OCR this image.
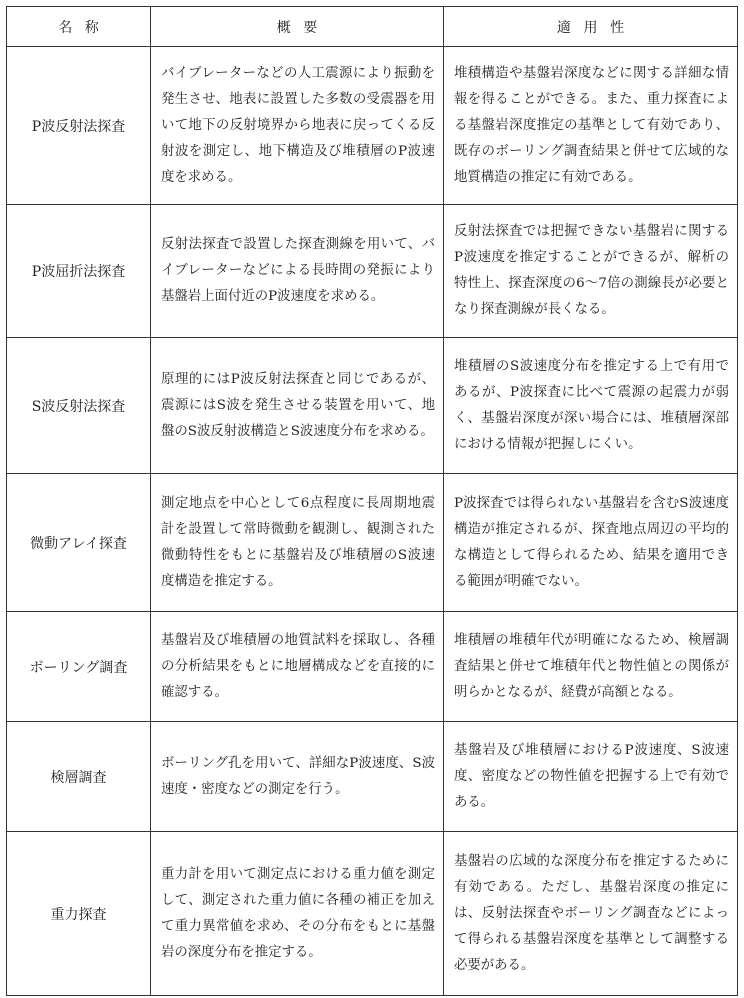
名称	概要	適用性
P波反射法探査	バイブレーターなどの人工震源により振動を発生させ、地表に設置した多数の受震器を用いて地下の反射境界から地表に戻ってくる反射波を測定し、地下構造及び堆積層のP波速度を求める。	堆積構造や基盤岩深度などに関する詳細な情報を得ることができる。また、重力探査による基盤岩深度推定の基準として有効であり、既存のボーリング調査結果と併せて広域的な地質構造の推定に有効である。
P波屈折法探査	反射法探査で設置した探査測線を用いて、バイブレーターなどによる長時間の発振により基盤岩上面付近のP波速度を求める。	反射法探査では把握できない基盤岩に関するP波速度を推定することができるが、解析の特性上、探査深度の6～7倍の測線長が必要となり探査測線が長くなる。
S波反射法探査	原理的にはP波反射法探査と同じであるが、震源にはS波を発生させる装置を用いて、地盤のS波反射波構造とS波速度分布を求める。	堆積層のS波速度分布を推定する上で有用であるが、P波探査に比べて震源の起震力が弱く、基盤岩深度が深い場合には、堆積層深部における情報が把握しにくい。
微動アレイ探査	測定地点を中心として6点程度に長周期地震計を設置して常時微動を観測し、観測された微動特性をもとに基盤岩及び堆積層のS波速度構造を推定する。	P波探査では得られない基盤岩を含むS波速度構造が推定されるが、探査地点周辺の平均的な構造として得られるため、結果を適用できる範囲が明確でない。
ボーリング調査	基盤岩及び堆積層の地質試料を採取し、各種の分析結果をもとに地層構成などを直接的に確認する。	堆積層の堆積年代が明確になるため、検層調査結果と併せて堆積年代と物性値との関係が明らかとなるが、経費が高額となる。
検層調査	ボーリング孔を用いて、詳細なP波速度、S波速度・密度などの測定を行う。	基盤岩及び堆積層におけるP波速度、S波速度、密度などの物性値を把握する上で有効である。
重力探査	重力計を用いて測定点における重力値を測定して、測定された重力値に各種の補正を加えて重力異常値を求め、その分布をもとに基盤岩の深度分布を推定する。	基盤岩の広域的な深度分布を推定するために有効である。ただし、基盤岩深度の推定には、反射法探査やボーリング調査などによって得られる基盤岩深度を基準として調整する必要がある。
